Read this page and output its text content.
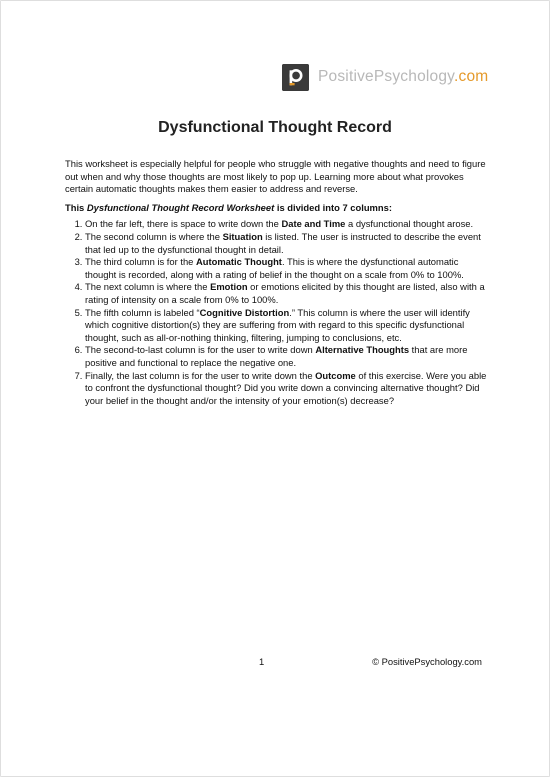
PositivePsychology.com
Dysfunctional Thought Record

This worksheet is especially helpful for people who struggle with negative thoughts and need to figure out when and why those thoughts are most likely to pop up. Learning more about what provokes certain automatic thoughts makes them easier to address and reverse.

This Dysfunctional Thought Record Worksheet is divided into 7 columns:

1. On the far left, there is space to write down the Date and Time a dysfunctional thought arose.
2. The second column is where the Situation is listed. The user is instructed to describe the event that led up to the dysfunctional thought in detail.
3. The third column is for the Automatic Thought. This is where the dysfunctional automatic thought is recorded, along with a rating of belief in the thought on a scale from 0% to 100%.
4. The next column is where the Emotion or emotions elicited by this thought are listed, also with a rating of intensity on a scale from 0% to 100%.
5. The fifth column is labeled “Cognitive Distortion.” This column is where the user will identify which cognitive distortion(s) they are suffering from with regard to this specific dysfunctional thought, such as all-or-nothing thinking, filtering, jumping to conclusions, etc.
6. The second-to-last column is for the user to write down Alternative Thoughts that are more positive and functional to replace the negative one.
7. Finally, the last column is for the user to write down the Outcome of this exercise. Were you able to confront the dysfunctional thought? Did you write down a convincing alternative thought? Did your belief in the thought and/or the intensity of your emotion(s) decrease?
1	© PositivePsychology.com
